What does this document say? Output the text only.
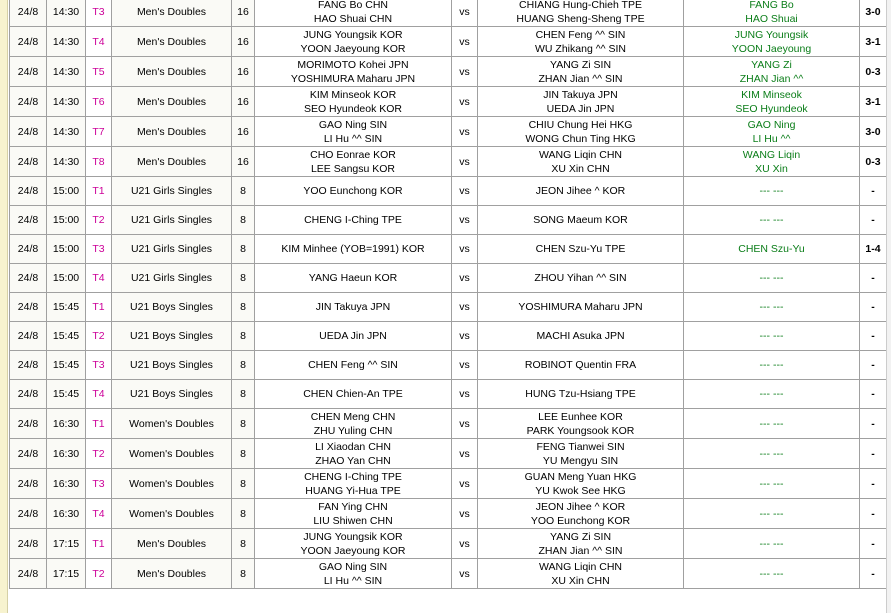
24/8	14:30	T3	Men's Doubles	16	FANG Bo CHN
HAO Shuai CHN	vs	CHIANG Hung-Chieh TPE
HUANG Sheng-Sheng TPE	FANG Bo
HAO Shuai	3-0
24/8	14:30	T4	Men's Doubles	16	JUNG Youngsik KOR
YOON Jaeyoung KOR	vs	CHEN Feng ^^ SIN
WU Zhikang ^^ SIN	JUNG Youngsik
YOON Jaeyoung	3-1
24/8	14:30	T5	Men's Doubles	16	MORIMOTO Kohei JPN
YOSHIMURA Maharu JPN	vs	YANG Zi SIN
ZHAN Jian ^^ SIN	YANG Zi
ZHAN Jian ^^	0-3
24/8	14:30	T6	Men's Doubles	16	KIM Minseok KOR
SEO Hyundeok KOR	vs	JIN Takuya JPN
UEDA Jin JPN	KIM Minseok
SEO Hyundeok	3-1
24/8	14:30	T7	Men's Doubles	16	GAO Ning SIN
LI Hu ^^ SIN	vs	CHIU Chung Hei HKG
WONG Chun Ting HKG	GAO Ning
LI Hu ^^	3-0
24/8	14:30	T8	Men's Doubles	16	CHO Eonrae KOR
LEE Sangsu KOR	vs	WANG Liqin CHN
XU Xin CHN	WANG Liqin
XU Xin	0-3
24/8	15:00	T1	U21 Girls Singles	8	YOO Eunchong KOR	vs	JEON Jihee ^ KOR	--- ---	-
24/8	15:00	T2	U21 Girls Singles	8	CHENG I-Ching TPE	vs	SONG Maeum KOR	--- ---	-
24/8	15:00	T3	U21 Girls Singles	8	KIM Minhee (YOB=1991) KOR	vs	CHEN Szu-Yu TPE	CHEN Szu-Yu	1-4
24/8	15:00	T4	U21 Girls Singles	8	YANG Haeun KOR	vs	ZHOU Yihan ^^ SIN	--- ---	-
24/8	15:45	T1	U21 Boys Singles	8	JIN Takuya JPN	vs	YOSHIMURA Maharu JPN	--- ---	-
24/8	15:45	T2	U21 Boys Singles	8	UEDA Jin JPN	vs	MACHI Asuka JPN	--- ---	-
24/8	15:45	T3	U21 Boys Singles	8	CHEN Feng ^^ SIN	vs	ROBINOT Quentin FRA	--- ---	-
24/8	15:45	T4	U21 Boys Singles	8	CHEN Chien-An TPE	vs	HUNG Tzu-Hsiang TPE	--- ---	-
24/8	16:30	T1	Women's Doubles	8	CHEN Meng CHN
ZHU Yuling CHN	vs	LEE Eunhee KOR
PARK Youngsook KOR	--- ---	-
24/8	16:30	T2	Women's Doubles	8	LI Xiaodan CHN
ZHAO Yan CHN	vs	FENG Tianwei SIN
YU Mengyu SIN	--- ---	-
24/8	16:30	T3	Women's Doubles	8	CHENG I-Ching TPE
HUANG Yi-Hua TPE	vs	GUAN Meng Yuan HKG
YU Kwok See HKG	--- ---	-
24/8	16:30	T4	Women's Doubles	8	FAN Ying CHN
LIU Shiwen CHN	vs	JEON Jihee ^ KOR
YOO Eunchong KOR	--- ---	-
24/8	17:15	T1	Men's Doubles	8	JUNG Youngsik KOR
YOON Jaeyoung KOR	vs	YANG Zi SIN
ZHAN Jian ^^ SIN	--- ---	-
24/8	17:15	T2	Men's Doubles	8	GAO Ning SIN
LI Hu ^^ SIN	vs	WANG Liqin CHN
XU Xin CHN	--- ---	-
